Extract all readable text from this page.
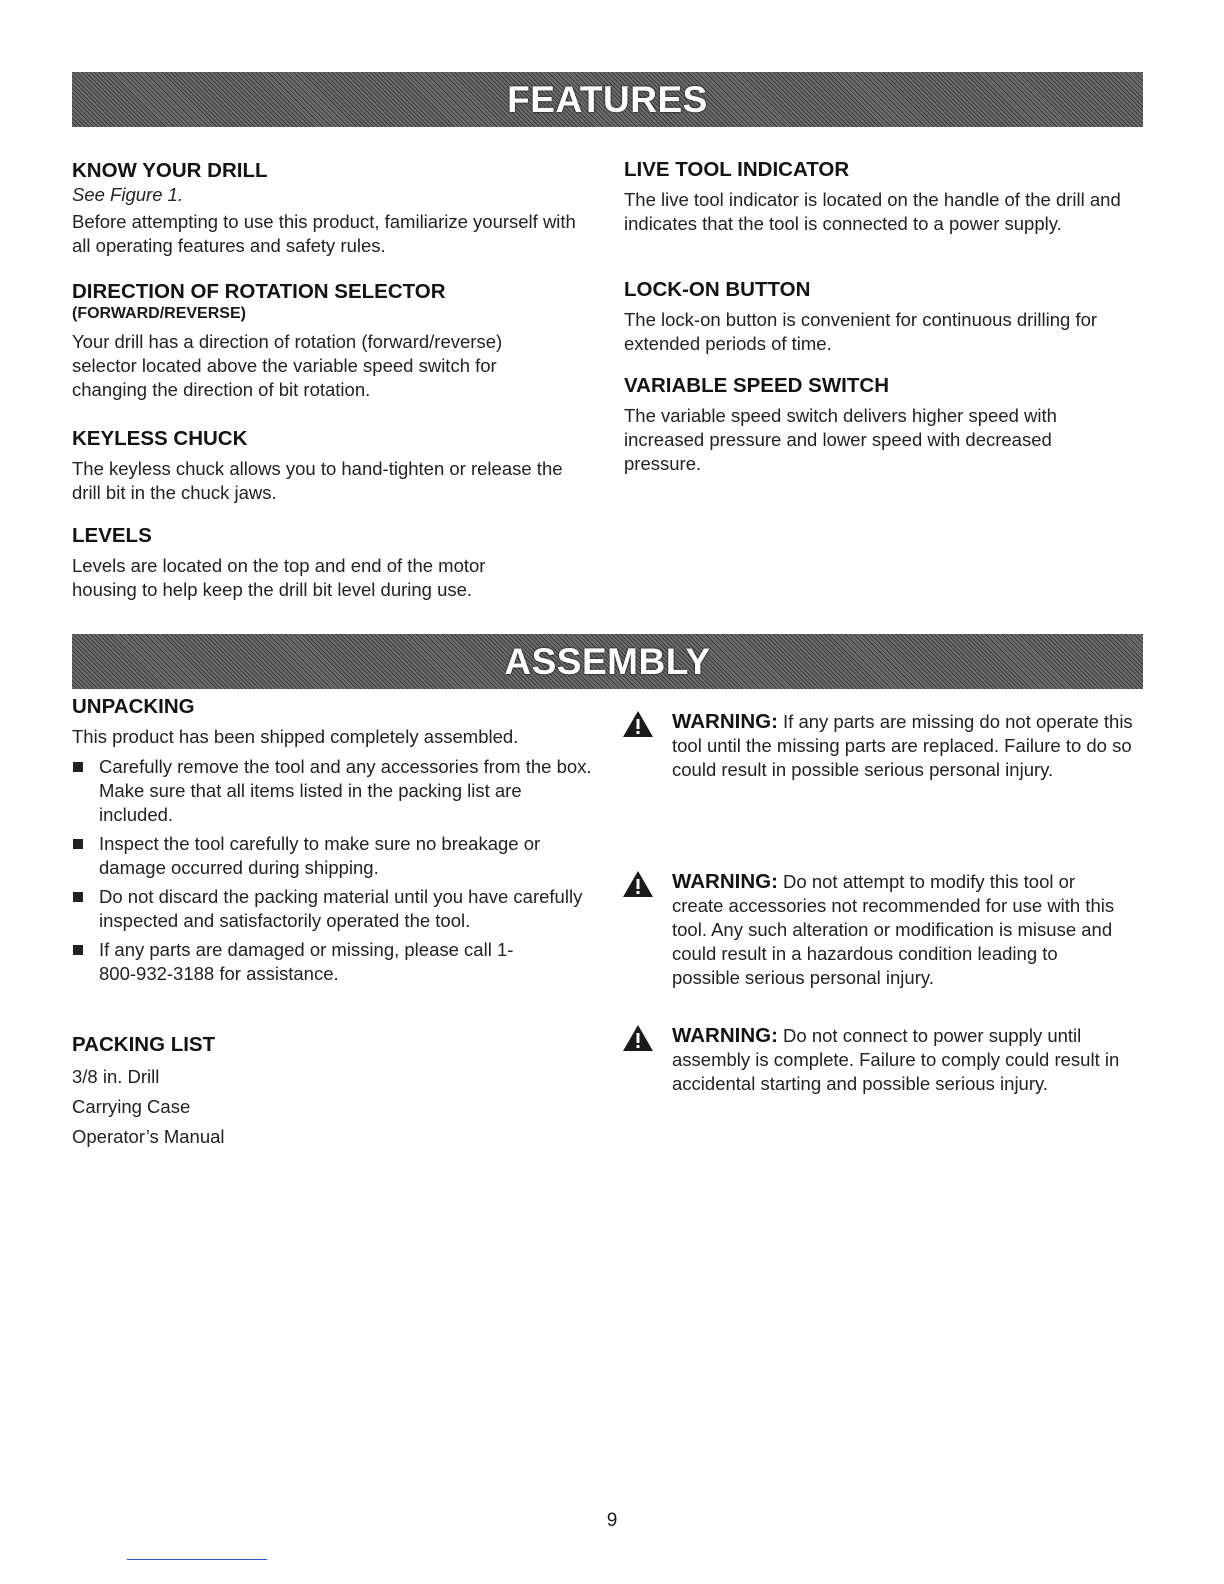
FEATURES

KNOW YOUR DRILL

See Figure 1.

Before attempting to use this product, familiarize yourself with all operating features and safety rules.

DIRECTION OF ROTATION SELECTOR

(FORWARD/REVERSE)

Your drill has a direction of rotation (forward/reverse) selector located above the variable speed switch for changing the direction of bit rotation.

KEYLESS CHUCK

The keyless chuck allows you to hand-tighten or release the drill bit in the chuck jaws.

LEVELS

Levels are located on the top and end of the motor housing to help keep the drill bit level during use.

LIVE TOOL INDICATOR

The live tool indicator is located on the handle of the drill and indicates that the tool is connected to a power supply.

LOCK-ON BUTTON

The lock-on button is convenient for continuous drilling for extended periods of time.

VARIABLE SPEED SWITCH

The variable speed switch delivers higher speed with increased pressure and lower speed with decreased pressure.

ASSEMBLY

UNPACKING

This product has been shipped completely assembled.

Carefully remove the tool and any accessories from the box. Make sure that all items listed in the packing list are included.
Inspect the tool carefully to make sure no breakage or damage occurred during shipping.
Do not discard the packing material until you have carefully inspected and satisfactorily operated the tool.
If any parts are damaged or missing, please call 1-800-932-3188 for assistance.

PACKING LIST

3/8 in. Drill

Carrying Case

Operator’s Manual

WARNING: If any parts are missing do not operate this tool until the missing parts are replaced. Failure to do so could result in possible serious personal injury.
WARNING: Do not attempt to modify this tool or create accessories not recommended for use with this tool. Any such alteration or modification is misuse and could result in a hazardous condition leading to possible serious personal injury.
WARNING: Do not connect to power supply until assembly is complete. Failure to comply could result in accidental starting and possible serious injury.
9
